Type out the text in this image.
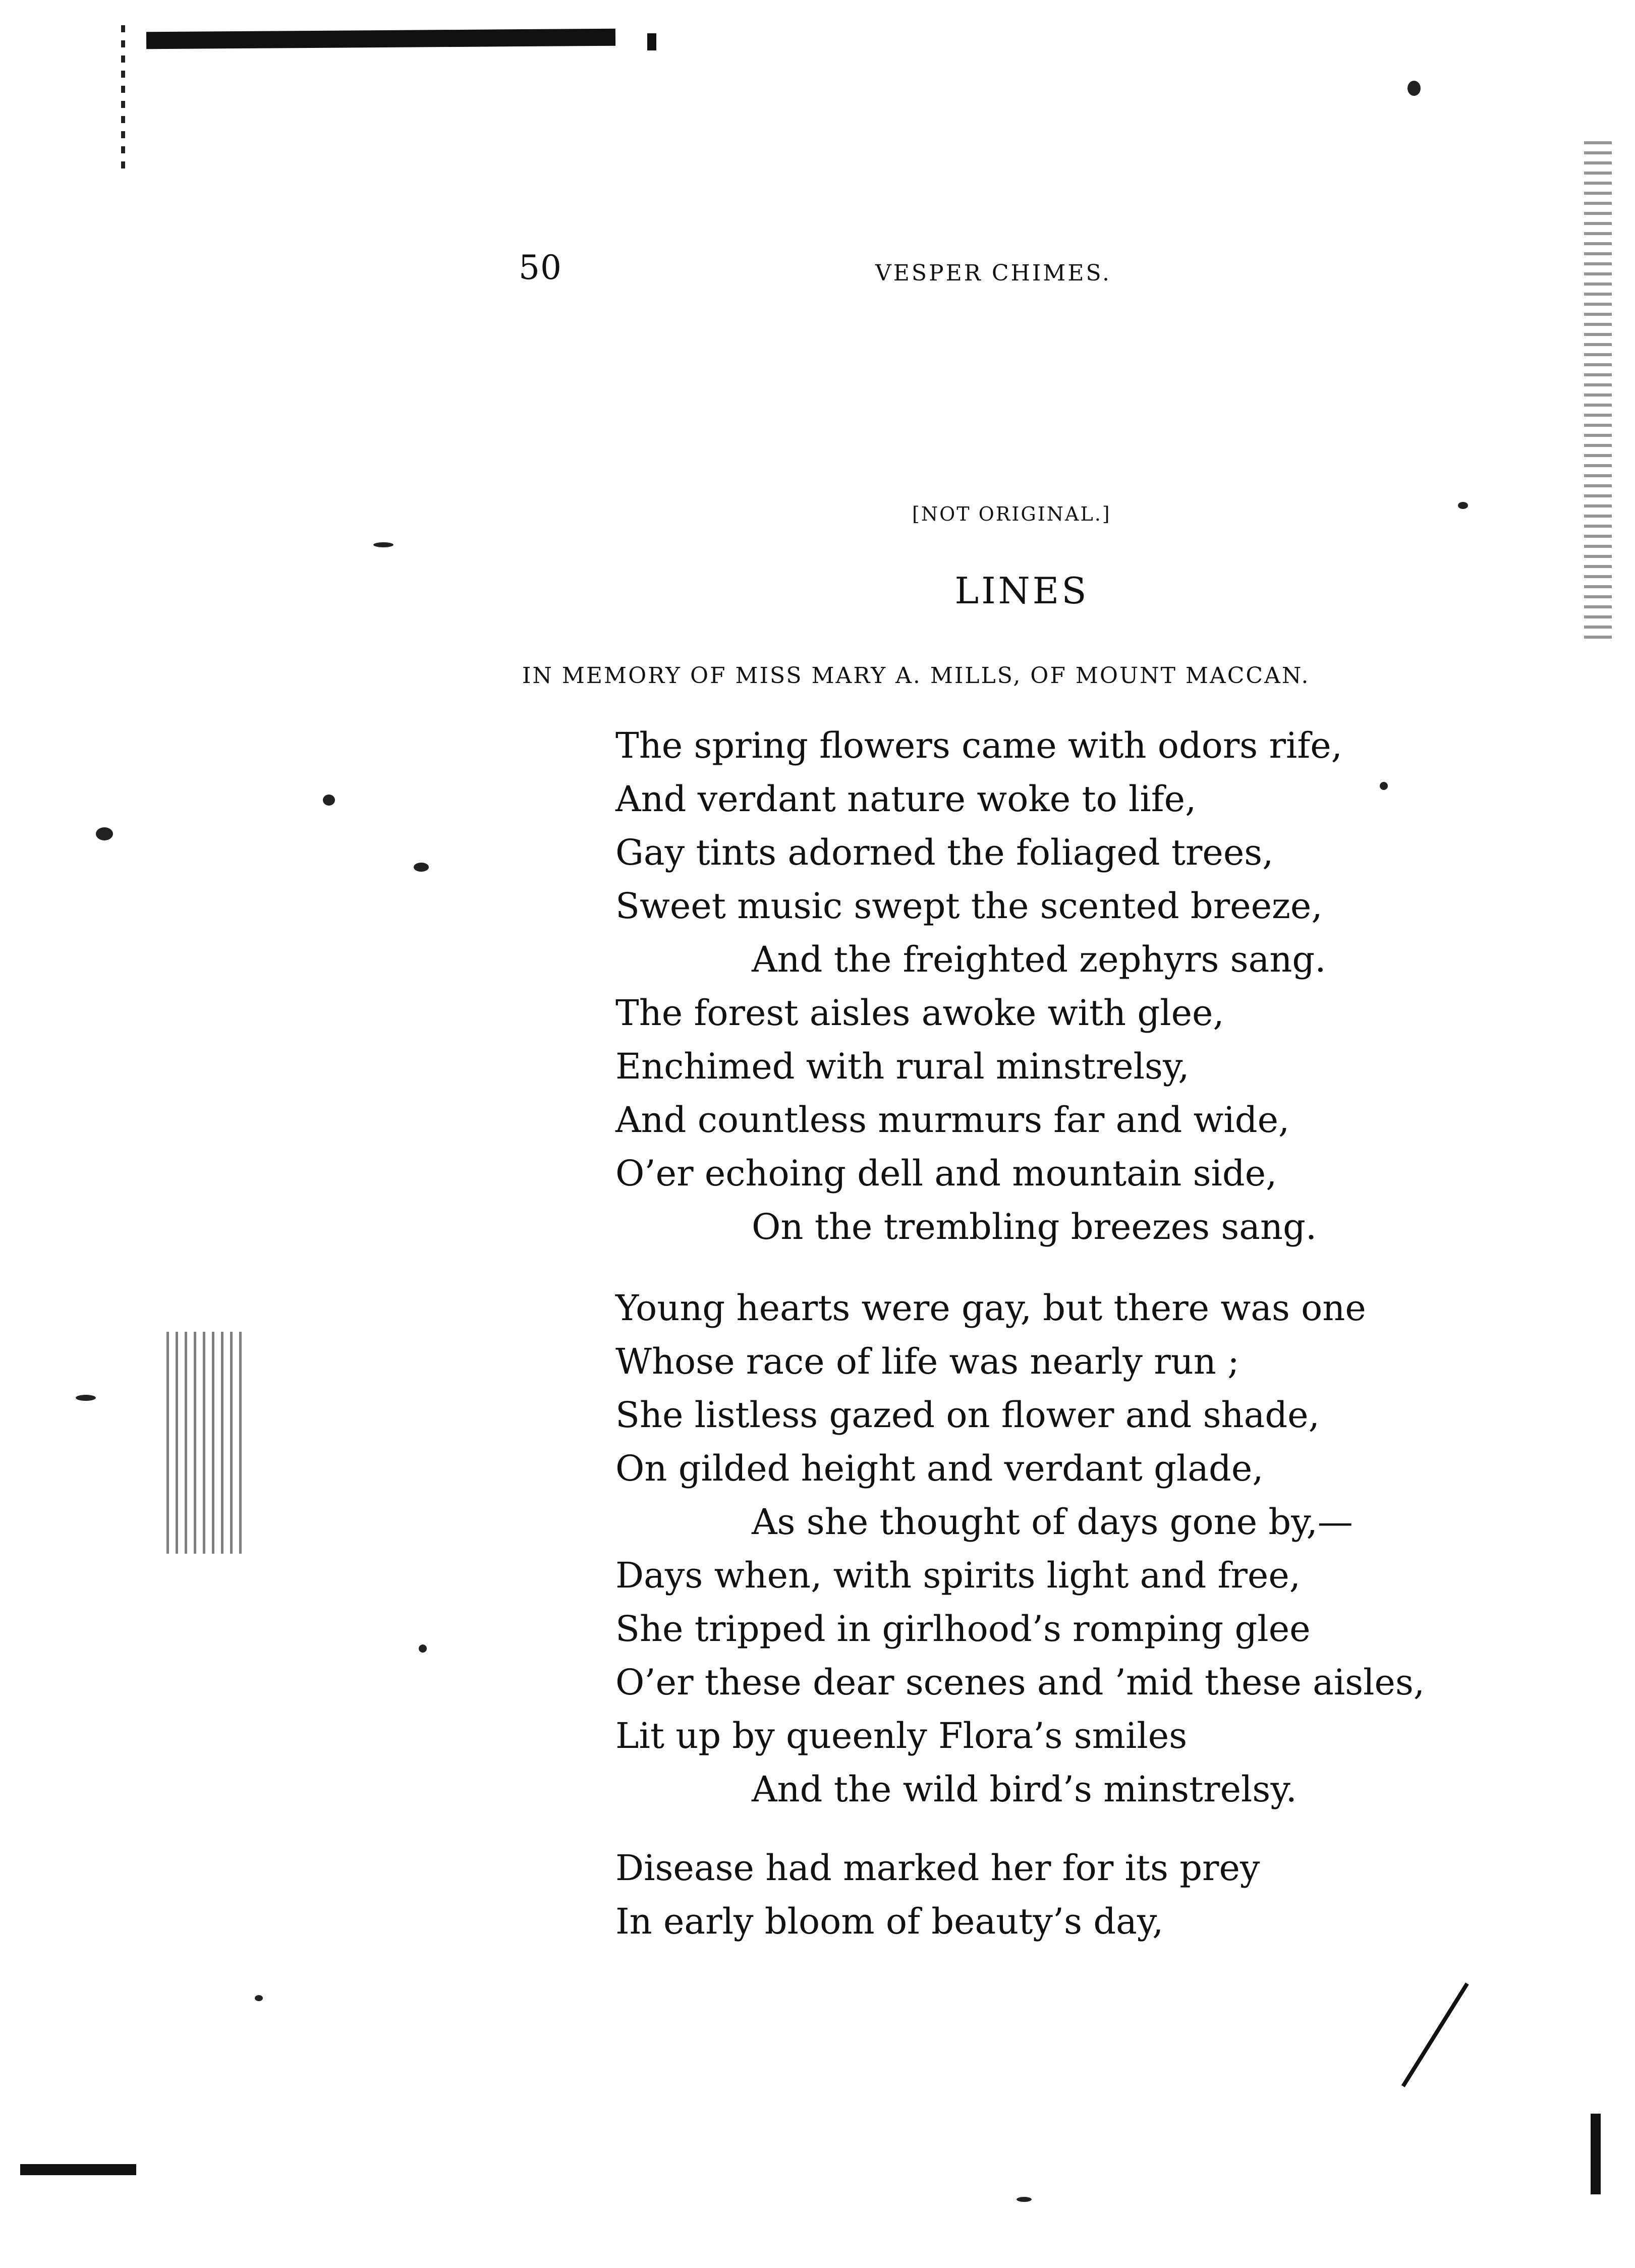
50	VESPER CHIMES.
[NOT ORIGINAL.]
LINES
IN MEMORY OF MISS MARY A. MILLS, OF MOUNT MACCAN.
The spring flowers came with odors rife,
And verdant nature woke to life,
Gay tints adorned the foliaged trees,
Sweet music swept the scented breeze,
And the freighted zephyrs sang.
The forest aisles awoke with glee,
Enchimed with rural minstrelsy,
And countless murmurs far and wide,
O’er echoing dell and mountain side,
On the trembling breezes sang.
Young hearts were gay, but there was one
Whose race of life was nearly run ;
She listless gazed on flower and shade,
On gilded height and verdant glade,
As she thought of days gone by,—
Days when, with spirits light and free,
She tripped in girlhood’s romping glee
O’er these dear scenes and ’mid these aisles,
Lit up by queenly Flora’s smiles
And the wild bird’s minstrelsy.
Disease had marked her for its prey
In early bloom of beauty’s day,
